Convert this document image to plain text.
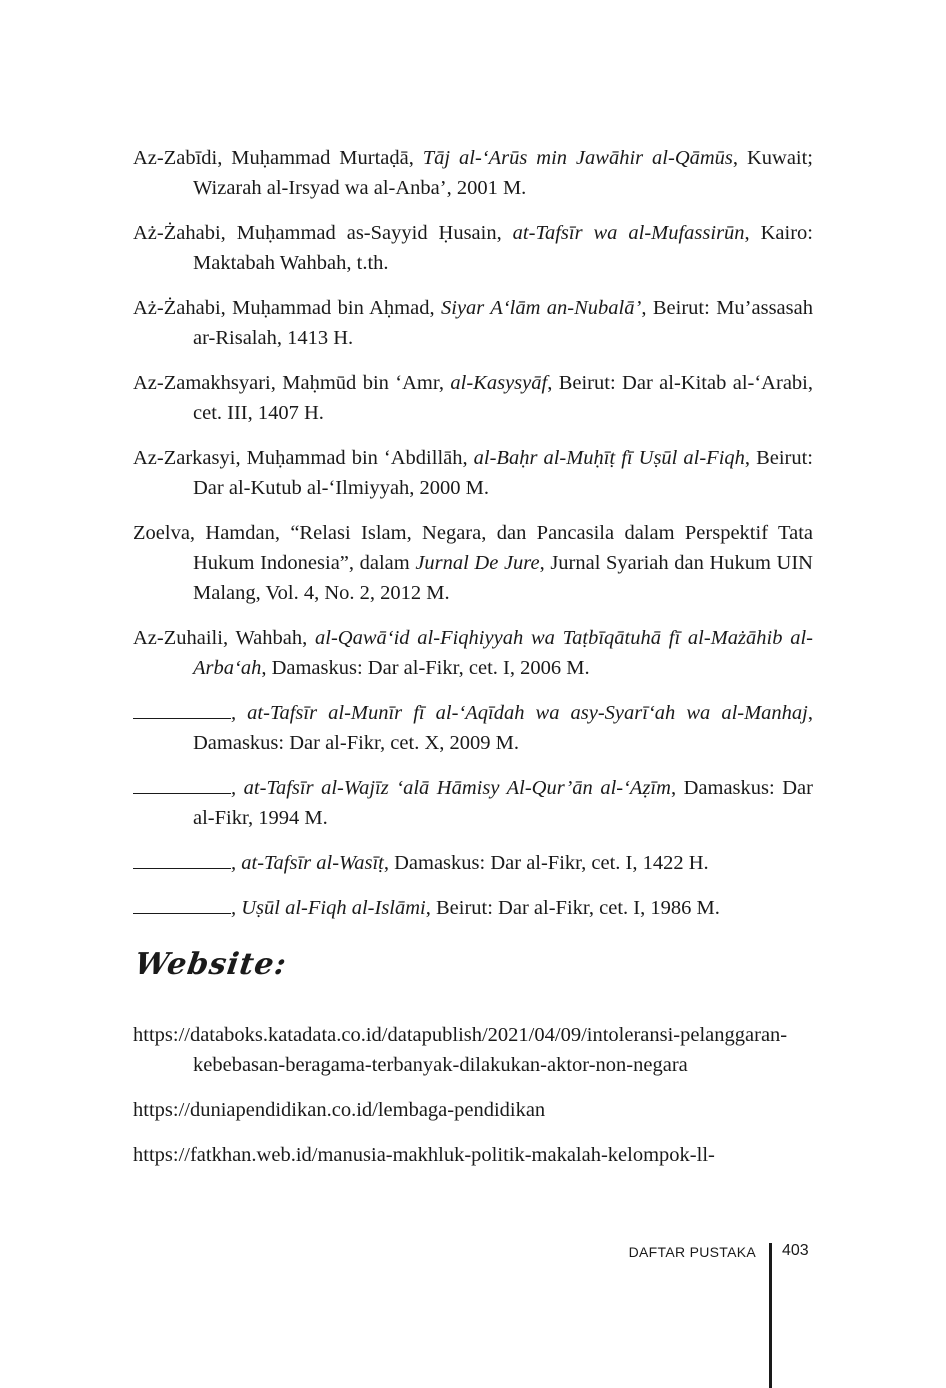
Az-Zabīdi, Muḥammad Murtaḍā, Tāj al-‘Arūs min Jawāhir al-Qāmūs, Kuwait; Wizarah al-Irsyad wa al-Anba’, 2001 M.

Aż-Żahabi, Muḥammad as-Sayyid Ḥusain, at-Tafsīr wa al-Mufassirūn, Kairo: Maktabah Wahbah, t.th.

Aż-Żahabi, Muḥammad bin Aḥmad, Siyar A‘lām an-Nubalā’, Beirut: Mu’assasah ar-Risalah, 1413 H.

Az-Zamakhsyari, Maḥmūd bin ‘Amr, al-Kasysyāf, Beirut: Dar al-Kitab al-‘Arabi, cet. III, 1407 H.

Az-Zarkasyi, Muḥammad bin ‘Abdillāh, al-Baḥr al-Muḥīṭ fī Uṣūl al-Fiqh, Beirut: Dar al-Kutub al-‘Ilmiyyah, 2000 M.

Zoelva, Hamdan, “Relasi Islam, Negara, dan Pancasila dalam Perspektif Tata Hukum Indonesia”, dalam Jurnal De Jure, Jurnal Syariah dan Hukum UIN Malang, Vol. 4, No. 2, 2012 M.

Az-Zuhaili, Wahbah, al-Qawā‘id al-Fiqhiyyah wa Taṭbīqātuhā fī al-Mażāhib al-Arba‘ah, Damaskus: Dar al-Fikr, cet. I, 2006 M.

, at-Tafsīr al-Munīr fī al-‘Aqīdah wa asy-Syarī‘ah wa al-Manhaj, Damaskus: Dar al-Fikr, cet. X, 2009 M.

, at-Tafsīr al-Wajīz ‘alā Hāmisy Al-Qur’ān al-‘Aẓīm, Damaskus: Dar al-Fikr, 1994 M.

, at-Tafsīr al-Wasīṭ, Damaskus: Dar al-Fikr, cet. I, 1422 H.

, Uṣūl al-Fiqh al-Islāmi, Beirut: Dar al-Fikr, cet. I, 1986 M.

Website:

https://databoks.katadata.co.id/datapublish/2021/04/09/intoleransi-pelanggaran-kebebasan-beragama-terbanyak-dilakukan-aktor-non-negara

https://duniapendidikan.co.id/lembaga-pendidikan

https://fatkhan.web.id/manusia-makhluk-politik-makalah-kelompok-ll-

DAFTAR PUSTAKA 403
